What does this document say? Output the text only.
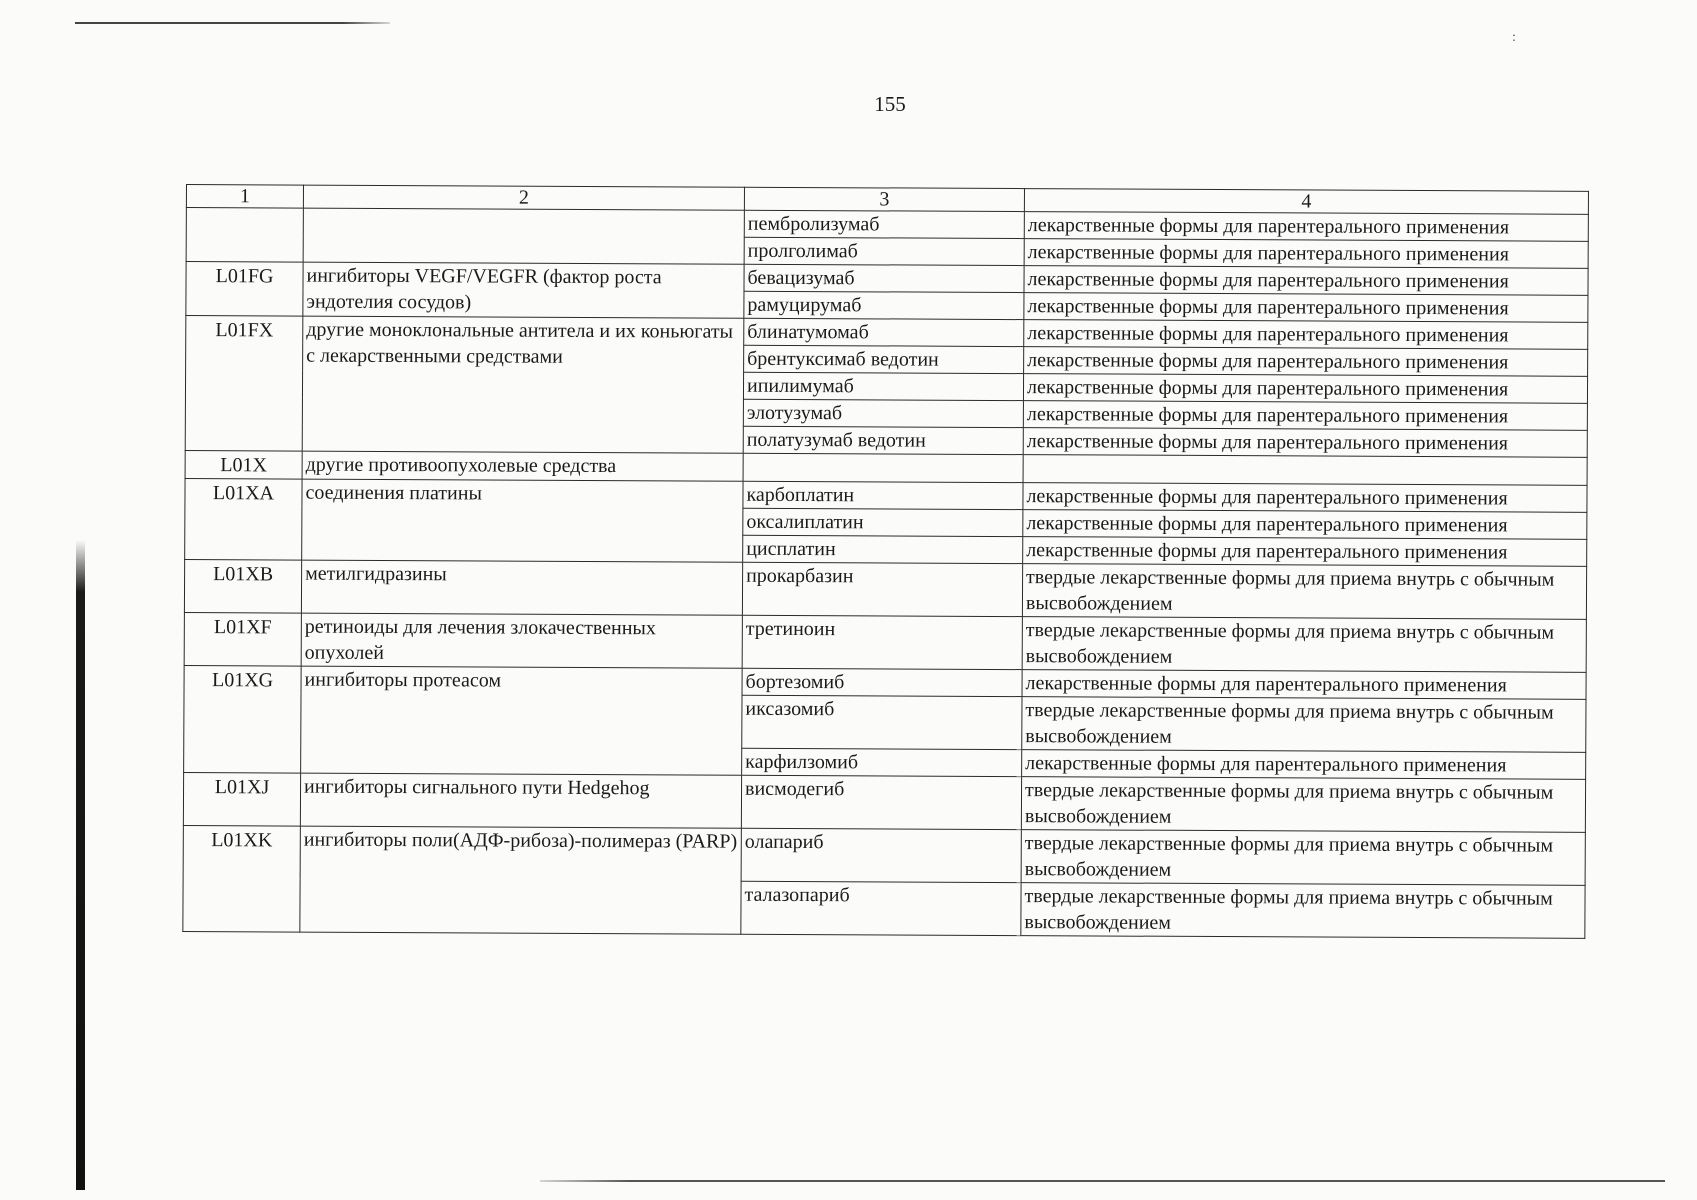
:
155
1	2	3	4
		пембролизумаб	лекарственные формы для парентерального применения
		пролголимаб	лекарственные формы для парентерального применения
L01FG	ингибиторы VEGF/VEGFR (фактор роста эндотелия сосудов)	бевацизумаб	лекарственные формы для парентерального применения
		рамуцирумаб	лекарственные формы для парентерального применения
L01FX	другие моноклональные антитела и их коньюгаты с лекарственными средствами	блинатумомаб	лекарственные формы для парентерального применения
		брентуксимаб ведотин	лекарственные формы для парентерального применения
		ипилимумаб	лекарственные формы для парентерального применения
		элотузумаб	лекарственные формы для парентерального применения
		полатузумаб ведотин	лекарственные формы для парентерального применения
L01X	другие противоопухолевые средства		
L01XA	соединения платины	карбоплатин	лекарственные формы для парентерального применения
		оксалиплатин	лекарственные формы для парентерального применения
		цисплатин	лекарственные формы для парентерального применения
L01XB	метилгидразины	прокарбазин	твердые лекарственные формы для приема внутрь с обычным высвобождением
L01XF	ретиноиды для лечения злокачественных опухолей	третиноин	твердые лекарственные формы для приема внутрь с обычным высвобождением
L01XG	ингибиторы протеасом	бортезомиб	лекарственные формы для парентерального применения
		иксазомиб	твердые лекарственные формы для приема внутрь с обычным высвобождением
		карфилзомиб	лекарственные формы для парентерального применения
L01XJ	ингибиторы сигнального пути Hedgehog	висмодегиб	твердые лекарственные формы для приема внутрь с обычным высвобождением
L01XK	ингибиторы поли(АДФ-рибоза)-полимераз (PARP)	олапариб	твердые лекарственные формы для приема внутрь с обычным высвобождением
		талазопариб	твердые лекарственные формы для приема внутрь с обычным высвобождением
